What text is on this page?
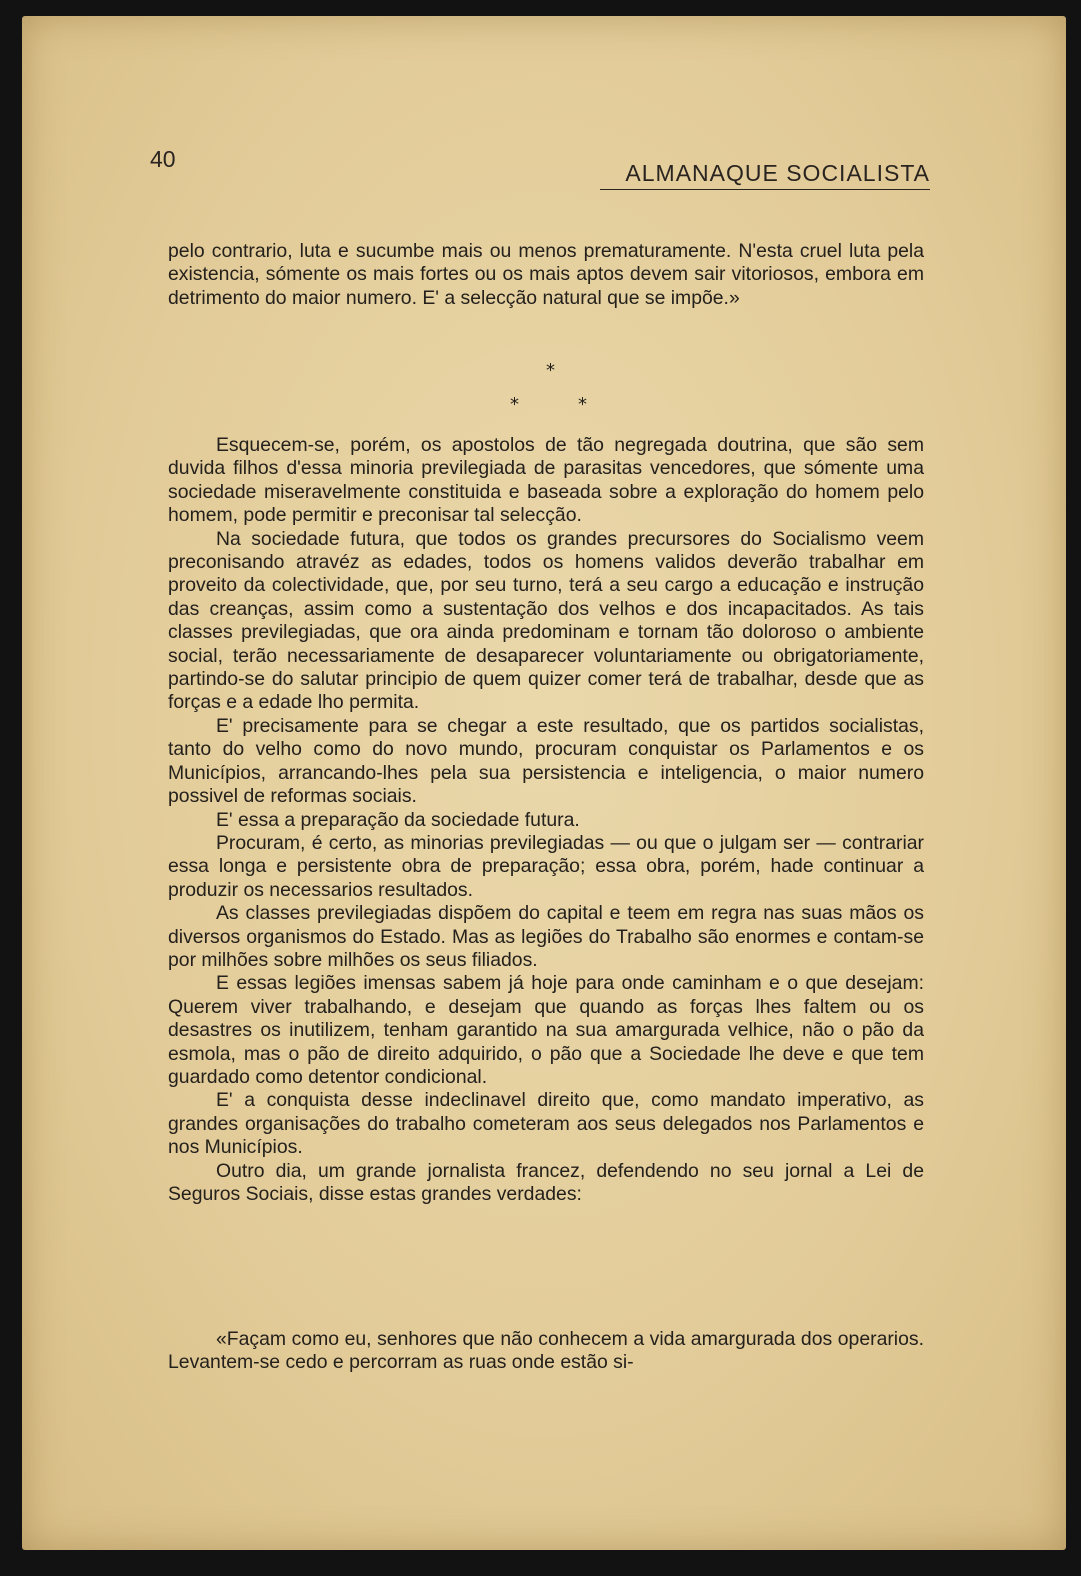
40
ALMANAQUE SOCIALISTA

pelo contrario, luta e sucumbe mais ou menos prematuramente. N'esta cruel luta pela existencia, sómente os mais fortes ou os mais aptos devem sair vitoriosos, embora em detrimento do maior numero. E' a selecção natural que se impõe.»

*
*	*

Esquecem-se, porém, os apostolos de tão negregada doutrina, que são sem duvida filhos d'essa minoria previlegiada de parasitas vencedores, que sómente uma sociedade miseravelmente constituida e baseada sobre a exploração do homem pelo homem, pode permitir e preconisar tal selecção.

Na sociedade futura, que todos os grandes precursores do Socialismo veem preconisando atravéz as edades, todos os homens validos deverão trabalhar em proveito da colectividade, que, por seu turno, terá a seu cargo a educação e instrução das creanças, assim como a sustentação dos velhos e dos incapacitados. As tais classes previlegiadas, que ora ainda predominam e tornam tão doloroso o ambiente social, terão necessariamente de desaparecer voluntariamente ou obrigatoriamente, partindo-se do salutar principio de quem quizer comer terá de trabalhar, desde que as forças e a edade lho permita.

E' precisamente para se chegar a este resultado, que os partidos socialistas, tanto do velho como do novo mundo, procuram conquistar os Parlamentos e os Municípios, arrancando-lhes pela sua persistencia e inteligencia, o maior numero possivel de reformas sociais.

E' essa a preparação da sociedade futura.

Procuram, é certo, as minorias previlegiadas — ou que o julgam ser — contrariar essa longa e persistente obra de preparação; essa obra, porém, hade continuar a produzir os necessarios resultados.

As classes previlegiadas dispõem do capital e teem em regra nas suas mãos os diversos organismos do Estado. Mas as legiões do Trabalho são enormes e contam-se por milhões sobre milhões os seus filiados.

E essas legiões imensas sabem já hoje para onde caminham e o que desejam: Querem viver trabalhando, e desejam que quando as forças lhes faltem ou os desastres os inutilizem, tenham garantido na sua amargurada velhice, não o pão da esmola, mas o pão de direito adquirido, o pão que a Sociedade lhe deve e que tem guardado como detentor condicional.

E' a conquista desse indeclinavel direito que, como mandato imperativo, as grandes organisações do trabalho cometeram aos seus delegados nos Parlamentos e nos Municípios.

Outro dia, um grande jornalista francez, defendendo no seu jornal a Lei de Seguros Sociais, disse estas grandes verdades:

«Façam como eu, senhores que não conhecem a vida amargurada dos operarios. Levantem-se cedo e percorram as ruas onde estão si-
